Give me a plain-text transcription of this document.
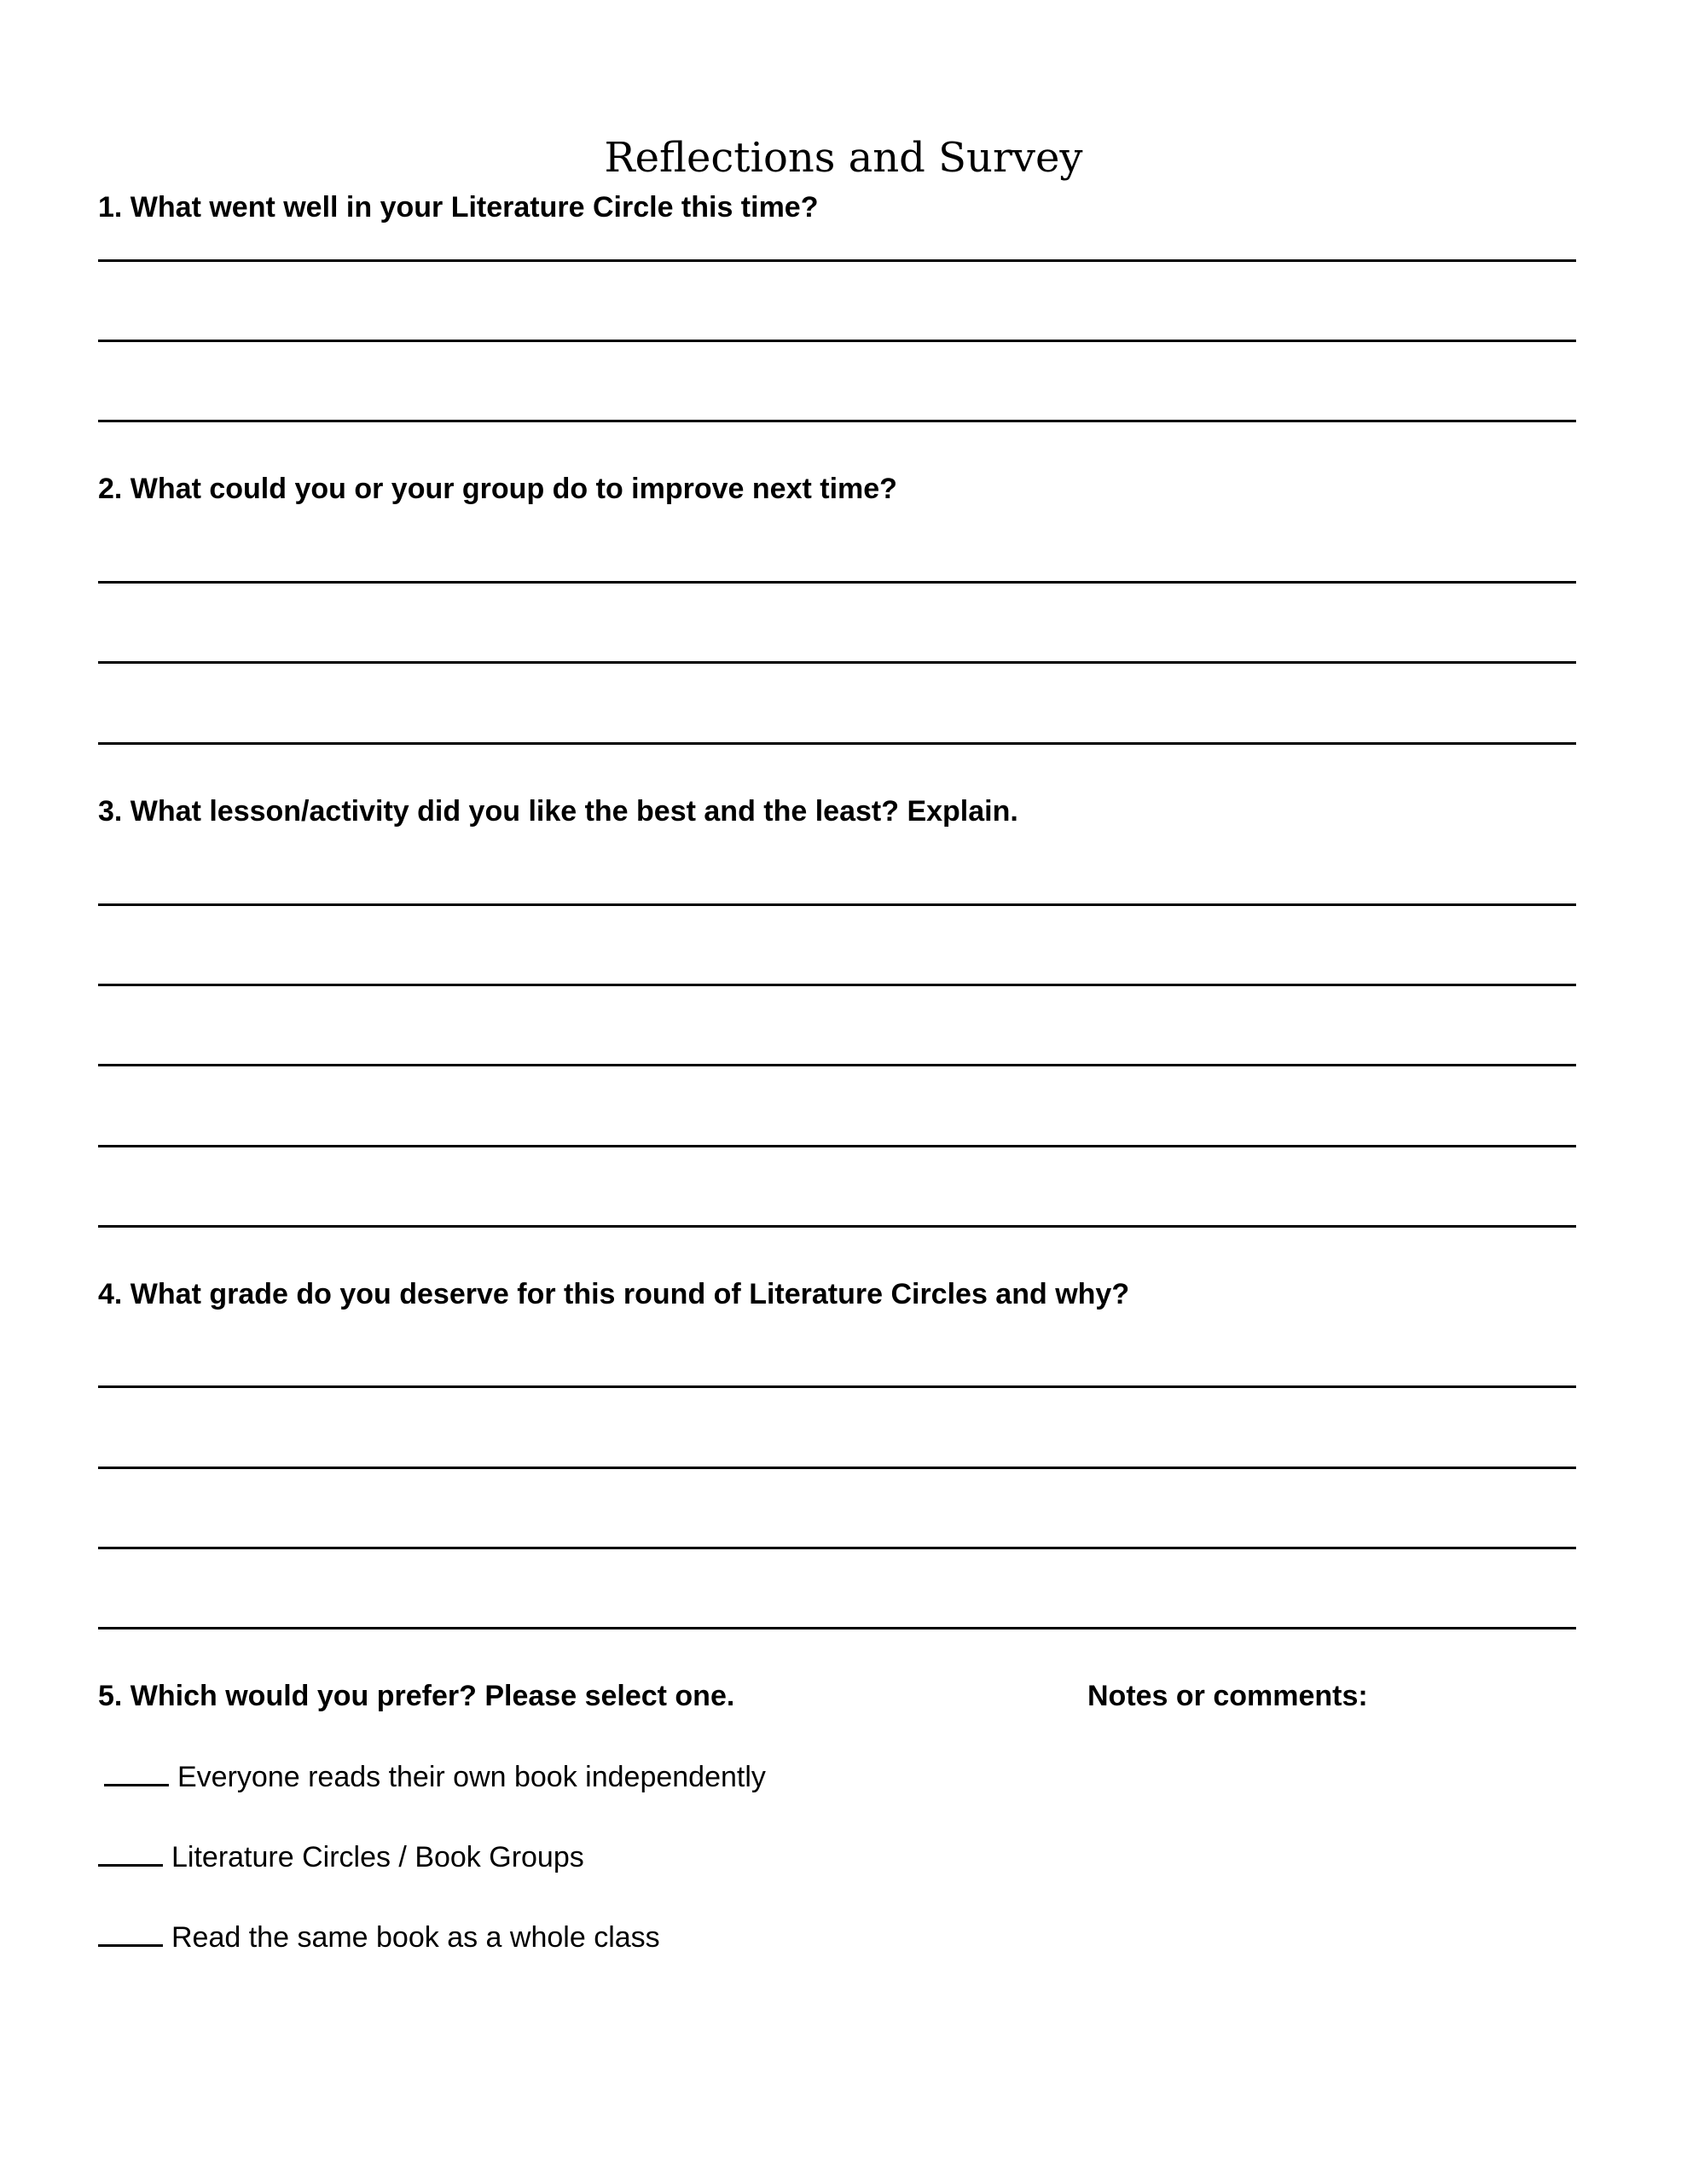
Reflections and Survey
1. What went well in your Literature Circle this time?
2. What could you or your group do to improve next time?
3. What lesson/activity did you like the best and the least? Explain.
4. What grade do you deserve for this round of Literature Circles and why?
5. Which would you prefer? Please select one.	Notes or comments:
Everyone reads their own book independently
Literature Circles / Book Groups
Read the same book as a whole class
